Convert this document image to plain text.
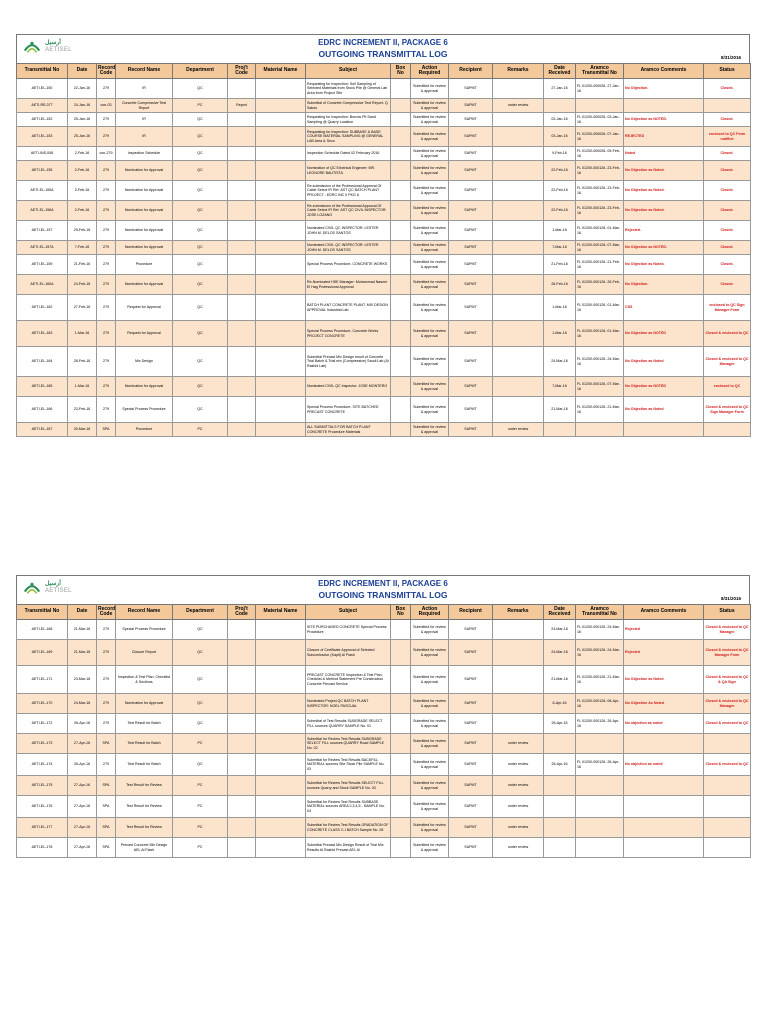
أرسيل
AETISEL
EDRC INCREMENT II, PACKAGE 6
OUTGOING TRANSMITTAL LOG	8/31/2016
Transmittal No	Date	Record Code	Record Name	Department	Proj't Code	Material Name	Subject	Box No	Action Required	Recipient	Remarks	Date Received	Aramco Transmittal No	Aramco Comments	Status
AETI-EL-150	22-Jan-16	279	IR	QC			Requesting for Inspection: Soil Sampling of Selected Materials from Stock Pile @ General Lab Area from Project Site		Submitted for review & approval	SAPMT		27-Jan-16	FL 01200-000026- 27-Jan-16	No Objection.	Closed.
AETI-RE-077	24-Jan-16	con-03	Concrete Compressive Test Report	PC	Report		Submittal of Concrete Compressive Test Report- Q Sakes		Submitted for review & approval	SAPMT	under review				
AETI-EL-152	25-Jan-16	279	IR	QC			Requesting for Inspection: Borrow Pit Sand Sampling @ Quarry Location		Submitted for review & approval	SAPMT		02-Jan-16	FL 01200-000026- 03-Jan-16	No Objection as NOTED.	Closed.
AETI-EL-153	25-Jan-16	279	IR	QC			Requesting for Inspection: SUBBASE & BASE COURSE MATERIAL SAMPLING @ GENERAL LAB Area & Seco		Submitted for review & approval	SAPMT		03-Jan-16	FL 01200-000026- 07-Jan-16	REJECTED	enclosed to QC Form notified
AETI-INS-008	2-Feb-16	con-279	Inspection Schedule	QC			Inspection Schedule Dated 02 February 2016		Submitted for review & approval	SAPMT		9-Feb-16	FL 01200-000026- 09-Feb-16	Noted	Closed.
AETI-EL-155	2-Feb-16	279	Nomination for Approval	QC			Nomination of QC Electrical Engineer: MR. LEONORE BAUTISTA		Submitted for review & approval	SAPMT		22-Feb-16	FL 01200-000126- 23-Feb-16	No Objection as Noted.	Closed.
AETI-EL-155A	2-Feb-16	279	Nomination for Approval	QC			Re-submission of the Professional Approval Of Cable Select IR Ref. AST QC BATCH PLANT PROJECT - EDRC INC II PKG 6		Submitted for review & approval	SAPMT		22-Feb-16	FL 01200-000126- 23-Feb-16	No Objection as Noted.	Closed.
AETI-EL-156A	2-Feb-16	279	Nomination for Approval	QC			Re-submission of the Professional Approval Of Cable Select IR Ref. AST QC CIVIL INSPECTOR: JOSE LOZANO		Submitted for review & approval	SAPMT		22-Feb-16	FL 01200-000126- 23-Feb-16	No Objection as Noted.	Closed.
AETI-EL-157	29-Feb-16	279	Nomination for Approval	QC			Nominated CIVIL QC INSPECTOR: LESTER JOHN M. DELOS SANTOS		Submitted for review & approval	SAPMT		1-Mar-16	FL 01200-000126- 01-Mar-16	Rejected.	Closed.
AETI-EL-157A	7-Feb-16	279	Nomination for Approval	QC			Nominated CIVIL QC INSPECTOR: LESTER JOHN M. DELOS SANTOS		Submitted for review & approval	SAPMT		7-Mar-16	FL 01200-000126- 07-Mar-16	No Objection as NOTED.	Closed.
AETI-EL-159	21-Feb-16	279	Procedure	QC			Special Process Procedure- CONCRETE WORKS		Submitted for review & approval	SAPMT		21-Feb-16	FL 01200-000126- 21-Feb-16	No Objection as Noted.	Closed.
AETI-EL-160A	24-Feb-16	279	Nomination for Approval	QC			Re-Nominated HSE Manager: Mohammad Naseer El Hag Professional Approval		Submitted for review & approval	SAPMT		26-Feb-16	FL 01200-000126- 26-Feb-16	No Objection.	Closed.
AETI-EL-162	27-Feb-16	279	Request for Approval	QC			BATCH PLANT CONCRETE PLANT, MIX DESIGN APPROVAL Industrial Lab		Submitted for review & approval	SAPMT		1-Mar-16	FL 01200-000126- 01-Mar-16	CSS	enclosed to QC Sign Manager Form
AETI-EL-163	1-Mar-16	279	Request for Approval	QC			Special Process Procedure- Concrete Works PROJECT CONCRETE		Submitted for review & approval	SAPMT		1-Mar-16	FL 01200-000126- 01-Mar-16	No Objection as NOTED	Closed & enclosed to QC
AETI-EL-164	28-Feb-16	279	Mix Design	QC			Submittal Precast Mix Design result of Concrete Trial Batch & Trial mix (Compressive) Saudi Lab (Al Rashid Lab)		Submitted for review & approval	SAPMT		24-Mar-16	FL 01200-000126- 24-Mar-16	No Objection as Noted	Closed & enclosed to QC Manager
AETI-EL-165	1-Mar-16	279	Nomination for Approval	QC			Nominated CIVIL QC Inspector: JOSE MONTERO		Submitted for review & approval	SAPMT		7-Mar-16	FL 01200-000126- 07-Mar-16	No Objection as NOTED	enclosed to QC
AETI-EL-166	23-Feb-16	279	Special Process Procedure	QC			Special Process Procedure- SITE BATCHED PRECAST CONCRETE		Submitted for review & approval	SAPMT		21-Mar-16	FL 01200-000126- 21-Mar-16	No Objection as Noted	Closed & enclosed to QC Sign Manager Form
AETI-EL-167	30-Mar-16	SPA	Procedure	PC			ALL SUBMITTALS FOR BATCH PLANT CONCRETE Procedure Materials		Submitted for review & approval	SAPMT	under review				
أرسيل
AETISEL
EDRC INCREMENT II, PACKAGE 6
OUTGOING TRANSMITTAL LOG	8/31/2016
Transmittal No	Date	Record Code	Record Name	Department	Proj't Code	Material Name	Subject	Box No	Action Required	Recipient	Remarks	Date Received	Aramco Transmittal No	Aramco Comments	Status
AETI-EL-168	21-Mar-16	279	Special Process Procedure	QC			SITE PURCHASED CONCRETE Special Process Procedure		Submitted for review & approval	SAPMT		24-Mar-16	FL 01200-000126- 24-Mar-16	Rejected	Closed & enclosed to QC Manager
AETI-EL-169	21-Mar-16	279	Closure Report	QC			Closure of Certificate Approval of Selected Subcontractor (Kapit) Al Flash		Submitted for review & approval	SAPMT		24-Mar-16	FL 01200-000126- 24-Mar-16	Rejected	Closed & enclosed to QC Manager Form
AETI-EL-171	23-Mar-16	279	Inspection & Test Plan, Checklist & Sections	QC			PRECAST CONCRETE Inspection & Test Plan, Checklist & Method Statement Pre Construction Concrete Precast Service		Submitted for review & approval	SAPMT		21-Mar-16	FL 01200-000126- 21-Mar-16	No Objection as Noted	Closed & enclosed to QC & QA Sign
AETI-EL-170	24-Mar-16	279	Nomination for Approval	QC			Nominated Project QC BATCH PLANT INSPECTOR: NOEL PASCUAL		Submitted for review & approval	SAPMT		6-Apr-16	FL 01200-000126- 06-Apr-16	No Objection As Noted	Closed & enclosed to QC Manager
AETI-EL-172	26-Apr-16	279	Test Result for Batch	QC			Submittal of Test Results SUBGRADE SELECT FILL sources QUARRY SAMPLE No. 01		Submitted for review & approval	SAPMT		26-Apr-16	FL 01200-000126- 26-Apr-16	No objection as noted	Closed & enclosed to QC
AETI-EL-173	27-Apr-16	SPA	Test Result for Batch	PC			Submittal for Review Test Results SUBGRADE SELECT FILL sources QUARRY Road SAMPLE No. 02		Submitted for review & approval	SAPMT	under review				
AETI-EL-174	26-Apr-16	279	Test Result for Batch	QC			Submittal for Review Test Results BACKFILL MATERIAL sources Site Stock Pile SAMPLE No. 03		Submitted for review & approval	SAPMT	under review	26-Apr-16	FL 01200-000126- 26-Apr-16	No objection as noted	Closed & enclosed to QC
AETI-EL-175	27-Apr-16	SPA	Test Result for Review	PC			Submittal for Review Test Results SELECT FILL sources Quarry and Stock SAMPLE No. 03		Submitted for review & approval	SAPMT	under review				
AETI-EL-176	27-Apr-16	SPA	Test Result for Review	PC			Submittal for Review Test Results SUBBASE MATERIAL sources AREA 2,3,4,5 - SAMPLE No. 04		Submitted for review & approval	SAPMT	under review				
AETI-EL-177	27-Apr-16	SPA	Test Result for Review	PC			Submittal for Review Test Results GRADATION OF CONCRETE CLASS C-I BATCH Sample No. 05		Submitted for review & approval	SAPMT	under review				
AETI-EL-178	27-Apr-16	SPA	Precast Concrete Mix Design AEL Al Flash	PC			Submittal Precast Mix Design Result of Trial Mix Results Al Rashid Precast AEL Al		Submitted for review & approval	SAPMT	under review				
